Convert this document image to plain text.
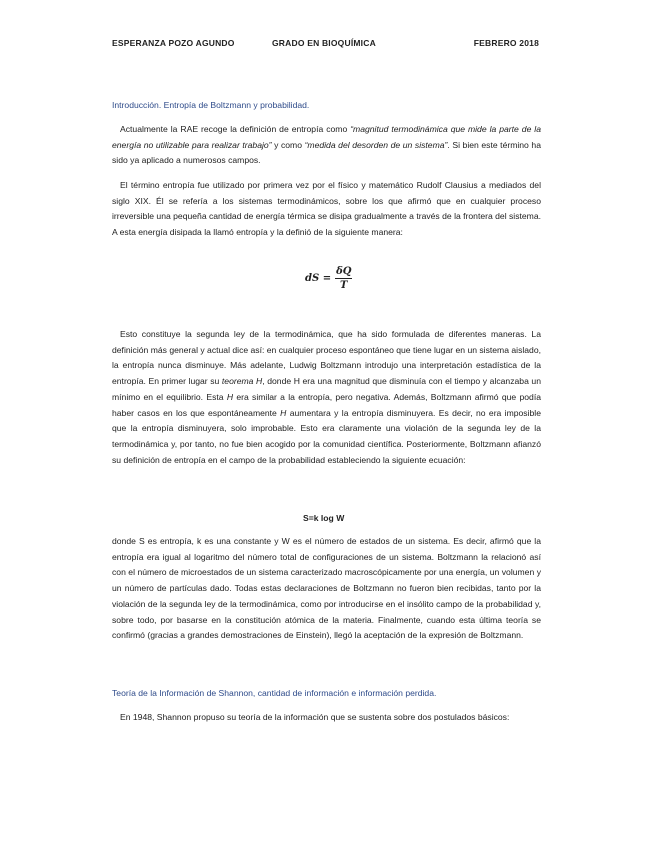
ESPERANZA POZO AGUNDO	GRADO EN BIOQUÍMICA	FEBRERO 2018
Introducción. Entropía de Boltzmann y probabilidad.

Actualmente la RAE recoge la definición de entropía como “magnitud termodinámica que mide la parte de la energía no utilizable para realizar trabajo” y como “medida del desorden de un sistema”. Si bien este término ha sido ya aplicado a numerosos campos.

El término entropía fue utilizado por primera vez por el físico y matemático Rudolf Clausius a mediados del siglo XIX. Él se refería a los sistemas termodinámicos, sobre los que afirmó que en cualquier proceso irreversible una pequeña cantidad de energía térmica se disipa gradualmente a través de la frontera del sistema. A esta energía disipada la llamó entropía y la definió de la siguiente manera:

dS = $\frac{\delta Q}{T}$

Esto constituye la segunda ley de la termodinámica, que ha sido formulada de diferentes maneras. La definición más general y actual dice así: en cualquier proceso espontáneo que tiene lugar en un sistema aislado, la entropía nunca disminuye. Más adelante, Ludwig Boltzmann introdujo una interpretación estadística de la entropía. En primer lugar su teorema H, donde H era una magnitud que disminuía con el tiempo y alcanzaba un mínimo en el equilibrio. Esta H era similar a la entropía, pero negativa. Además, Boltzmann afirmó que podía haber casos en los que espontáneamente H aumentara y la entropía disminuyera. Es decir, no era imposible que la entropía disminuyera, solo improbable. Esto era claramente una violación de la segunda ley de la termodinámica y, por tanto, no fue bien acogido por la comunidad científica. Posteriormente, Boltzmann afianzó su definición de entropía en el campo de la probabilidad estableciendo la siguiente ecuación:

S=k log W

donde S es entropía, k es una constante y W es el número de estados de un sistema. Es decir, afirmó que la entropía era igual al logaritmo del número total de configuraciones de un sistema. Boltzmann la relacionó así con el número de microestados de un sistema caracterizado macroscópicamente por una energía, un volumen y un número de partículas dado. Todas estas declaraciones de Boltzmann no fueron bien recibidas, tanto por la violación de la segunda ley de la termodinámica, como por introducirse en el insólito campo de la probabilidad y, sobre todo, por basarse en la constitución atómica de la materia. Finalmente, cuando esta última teoría se confirmó (gracias a grandes demostraciones de Einstein), llegó la aceptación de la expresión de Boltzmann.

Teoría de la Información de Shannon, cantidad de información e información perdida.

En 1948, Shannon propuso su teoría de la información que se sustenta sobre dos postulados básicos:
